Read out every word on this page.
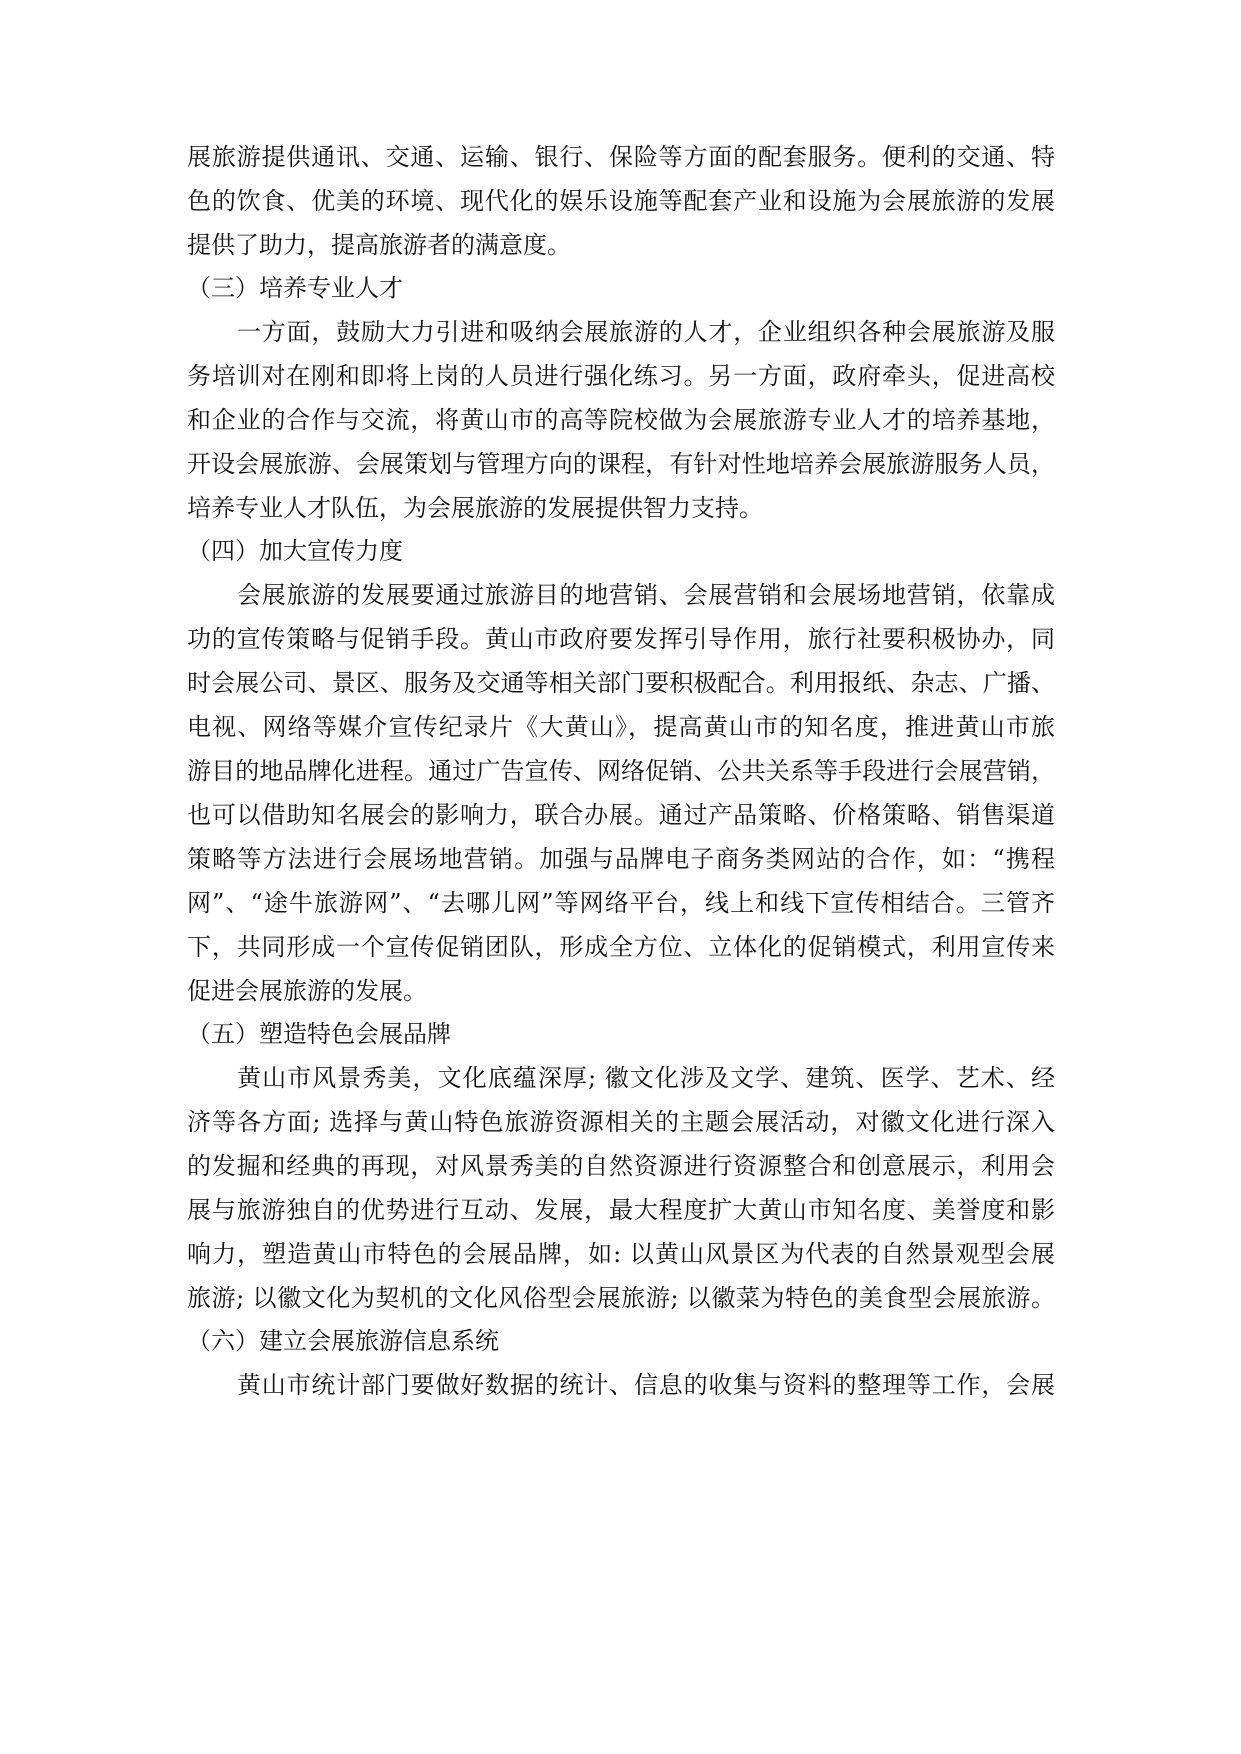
展旅游提供通讯、交通、运输、银行、保险等方面的配套服务。便利的交通、特
色的饮食、优美的环境、现代化的娱乐设施等配套产业和设施为会展旅游的发展
提供了助力，提高旅游者的满意度。
（三）培养专业人才
一方面，鼓励大力引进和吸纳会展旅游的人才，企业组织各种会展旅游及服
务培训对在刚和即将上岗的人员进行强化练习。另一方面，政府牵头，促进高校
和企业的合作与交流，将黄山市的高等院校做为会展旅游专业人才的培养基地，
开设会展旅游、会展策划与管理方向的课程，有针对性地培养会展旅游服务人员，
培养专业人才队伍，为会展旅游的发展提供智力支持。
（四）加大宣传力度
会展旅游的发展要通过旅游目的地营销、会展营销和会展场地营销，依靠成
功的宣传策略与促销手段。黄山市政府要发挥引导作用，旅行社要积极协办，同
时会展公司、景区、服务及交通等相关部门要积极配合。利用报纸、杂志、广播、
电视、网络等媒介宣传纪录片《大黄山》，提高黄山市的知名度，推进黄山市旅
游目的地品牌化进程。通过广告宣传、网络促销、公共关系等手段进行会展营销，
也可以借助知名展会的影响力，联合办展。通过产品策略、价格策略、销售渠道
策略等方法进行会展场地营销。加强与品牌电子商务类网站的合作，如：“携程
网”、“途牛旅游网”、“去哪儿网”等网络平台，线上和线下宣传相结合。三管齐
下，共同形成一个宣传促销团队，形成全方位、立体化的促销模式，利用宣传来
促进会展旅游的发展。
（五）塑造特色会展品牌
黄山市风景秀美，文化底蕴深厚; 徽文化涉及文学、建筑、医学、艺术、经
济等各方面; 选择与黄山特色旅游资源相关的主题会展活动，对徽文化进行深入
的发掘和经典的再现，对风景秀美的自然资源进行资源整合和创意展示，利用会
展与旅游独自的优势进行互动、发展，最大程度扩大黄山市知名度、美誉度和影
响力，塑造黄山市特色的会展品牌，如: 以黄山风景区为代表的自然景观型会展
旅游; 以徽文化为契机的文化风俗型会展旅游; 以徽菜为特色的美食型会展旅游。
（六）建立会展旅游信息系统
黄山市统计部门要做好数据的统计、信息的收集与资料的整理等工作，会展
